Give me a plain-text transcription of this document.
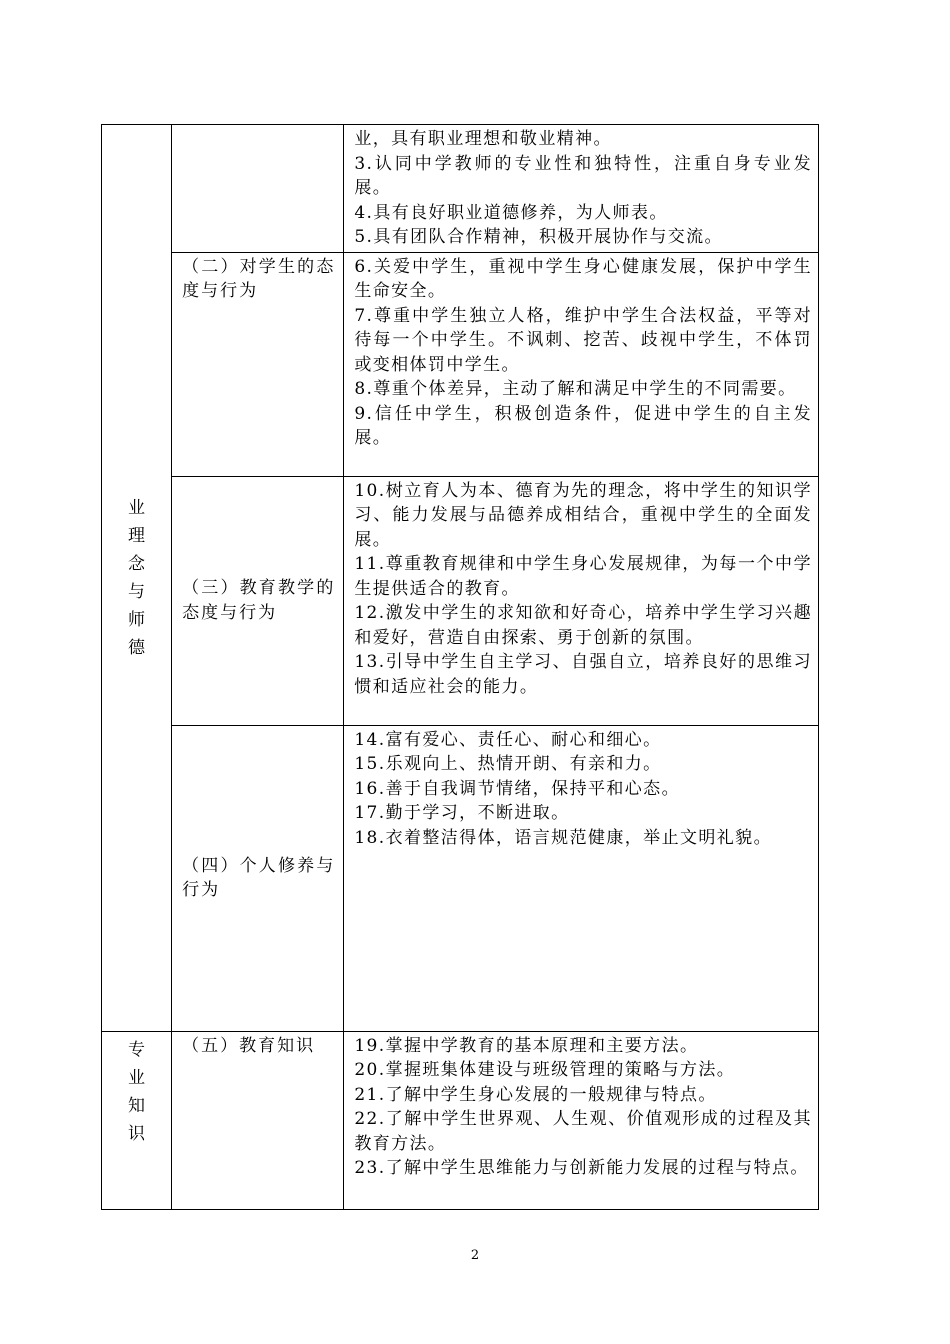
业理念与师德		业，具有职业理想和敬业精神。
3.认同中学教师的专业性和独特性，注重自身专业发展。
4.具有良好职业道德修养，为人师表。
5.具有团队合作精神，积极开展协作与交流。

	（二）对学生的态度与行为	6.关爱中学生，重视中学生身心健康发展，保护中学生生命安全。
7.尊重中学生独立人格，维护中学生合法权益，平等对待每一个中学生。不讽刺、挖苦、歧视中学生，不体罚或变相体罚中学生。
8.尊重个体差异，主动了解和满足中学生的不同需要。
9.信任中学生，积极创造条件，促进中学生的自主发展。

	（三）教育教学的态度与行为	10.树立育人为本、德育为先的理念，将中学生的知识学习、能力发展与品德养成相结合，重视中学生的全面发展。
11.尊重教育规律和中学生身心发展规律，为每一个中学生提供适合的教育。
12.激发中学生的求知欲和好奇心，培养中学生学习兴趣和爱好，营造自由探索、勇于创新的氛围。
13.引导中学生自主学习、自强自立，培养良好的思维习惯和适应社会的能力。

	（四）个人修养与行为	14.富有爱心、责任心、耐心和细心。
15.乐观向上、热情开朗、有亲和力。
16.善于自我调节情绪，保持平和心态。
17.勤于学习，不断进取。
18.衣着整洁得体，语言规范健康，举止文明礼貌。

专业知识	（五）教育知识	19.掌握中学教育的基本原理和主要方法。
20.掌握班集体建设与班级管理的策略与方法。
21.了解中学生身心发展的一般规律与特点。
22.了解中学生世界观、人生观、价值观形成的过程及其教育方法。
23.了解中学生思维能力与创新能力发展的过程与特点。
2
